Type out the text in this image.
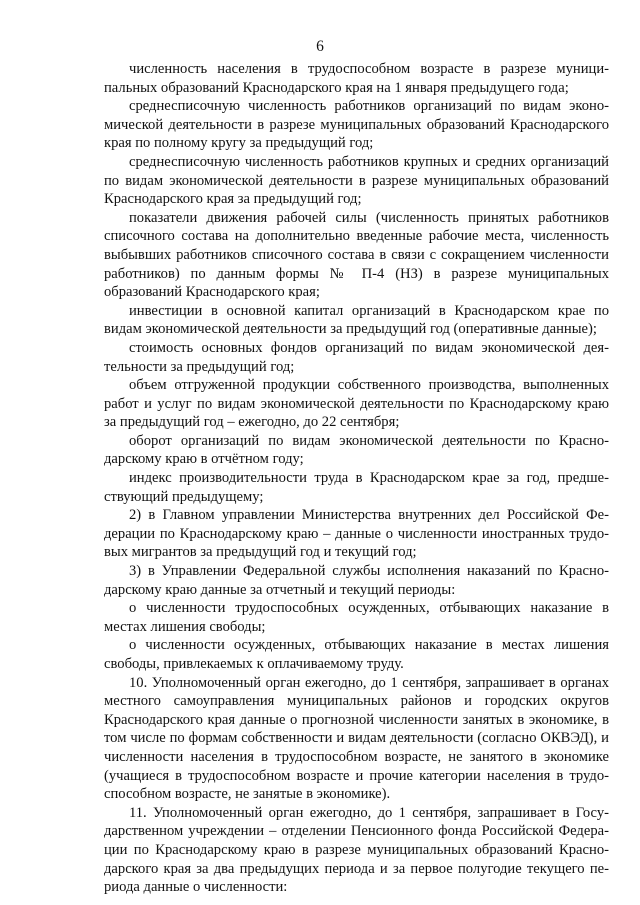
6

численность населения в трудоспособном возрасте в разрезе муниципальных образований Краснодарского края на 1 января предыдущего года;

среднесписочную численность работников организаций по видам экономической деятельности в разрезе муниципальных образований Краснодарского края по полному кругу за предыдущий год;

среднесписочную численность работников крупных и средних организаций по видам экономической деятельности в разрезе муниципальных образований Краснодарского края за предыдущий год;

показатели движения рабочей силы (численность принятых работников списочного состава на дополнительно введенные рабочие места, численность выбывших работников списочного состава в связи с сокращением численности работников) по данным формы № П-4 (НЗ) в разрезе муниципальных образований Краснодарского края;

инвестиции в основной капитал организаций в Краснодарском крае по видам экономической деятельности за предыдущий год (оперативные данные);

стоимость основных фондов организаций по видам экономической деятельности за предыдущий год;

объем отгруженной продукции собственного производства, выполненных работ и услуг по видам экономической деятельности по Краснодарскому краю за предыдущий год – ежегодно, до 22 сентября;

оборот организаций по видам экономической деятельности по Краснодарскому краю в отчётном году;

индекс производительности труда в Краснодарском крае за год, предшествующий предыдущему;

2) в Главном управлении Министерства внутренних дел Российской Федерации по Краснодарскому краю – данные о численности иностранных трудовых мигрантов за предыдущий год и текущий год;

3) в Управлении Федеральной службы исполнения наказаний по Краснодарскому краю данные за отчетный и текущий периоды:

о численности трудоспособных осужденных, отбывающих наказание в местах лишения свободы;

о численности осужденных, отбывающих наказание в местах лишения свободы, привлекаемых к оплачиваемому труду.

10. Уполномоченный орган ежегодно, до 1 сентября, запрашивает в органах местного самоуправления муниципальных районов и городских округов Краснодарского края данные о прогнозной численности занятых в экономике, в том числе по формам собственности и видам деятельности (согласно ОКВЭД), и численности населения в трудоспособном возрасте, не занятого в экономике (учащиеся в трудоспособном возрасте и прочие категории населения в трудоспособном возрасте, не занятые в экономике).

11. Уполномоченный орган ежегодно, до 1 сентября, запрашивает в Государственном учреждении – отделении Пенсионного фонда Российской Федерации по Краснодарскому краю в разрезе муниципальных образований Краснодарского края за два предыдущих периода и за первое полугодие текущего периода данные о численности:
